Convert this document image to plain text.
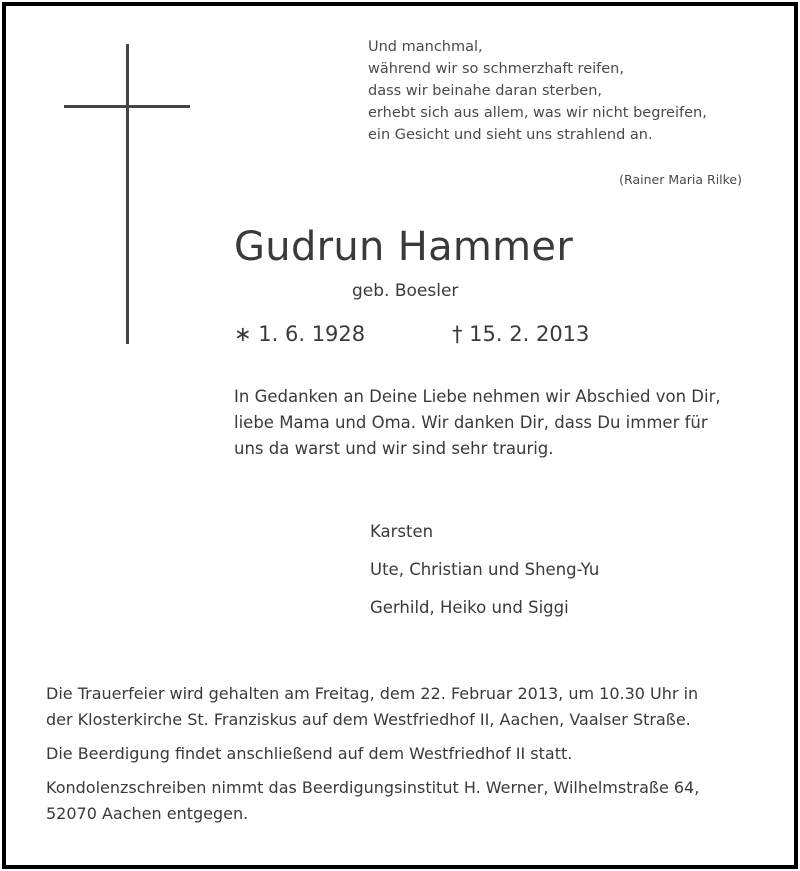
Und manchmal,
während wir so schmerzhaft reifen,
dass wir beinahe daran sterben,
erhebt sich aus allem, was wir nicht begreifen,
ein Gesicht und sieht uns strahlend an.
(Rainer Maria Rilke)
Gudrun Hammer
geb. Boesler
∗ 1. 6. 1928	† 15. 2. 2013
In Gedanken an Deine Liebe nehmen wir Abschied von Dir,
liebe Mama und Oma. Wir danken Dir, dass Du immer für
uns da warst und wir sind sehr traurig.
Karsten
Ute, Christian und Sheng-Yu
Gerhild, Heiko und Siggi

Die Trauerfeier wird gehalten am Freitag, dem 22. Februar 2013, um 10.30 Uhr in
der Klosterkirche St. Franziskus auf dem Westfriedhof II, Aachen, Vaalser Straße.

Die Beerdigung findet anschließend auf dem Westfriedhof II statt.

Kondolenzschreiben nimmt das Beerdigungsinstitut H. Werner, Wilhelmstraße 64,
52070 Aachen entgegen.
